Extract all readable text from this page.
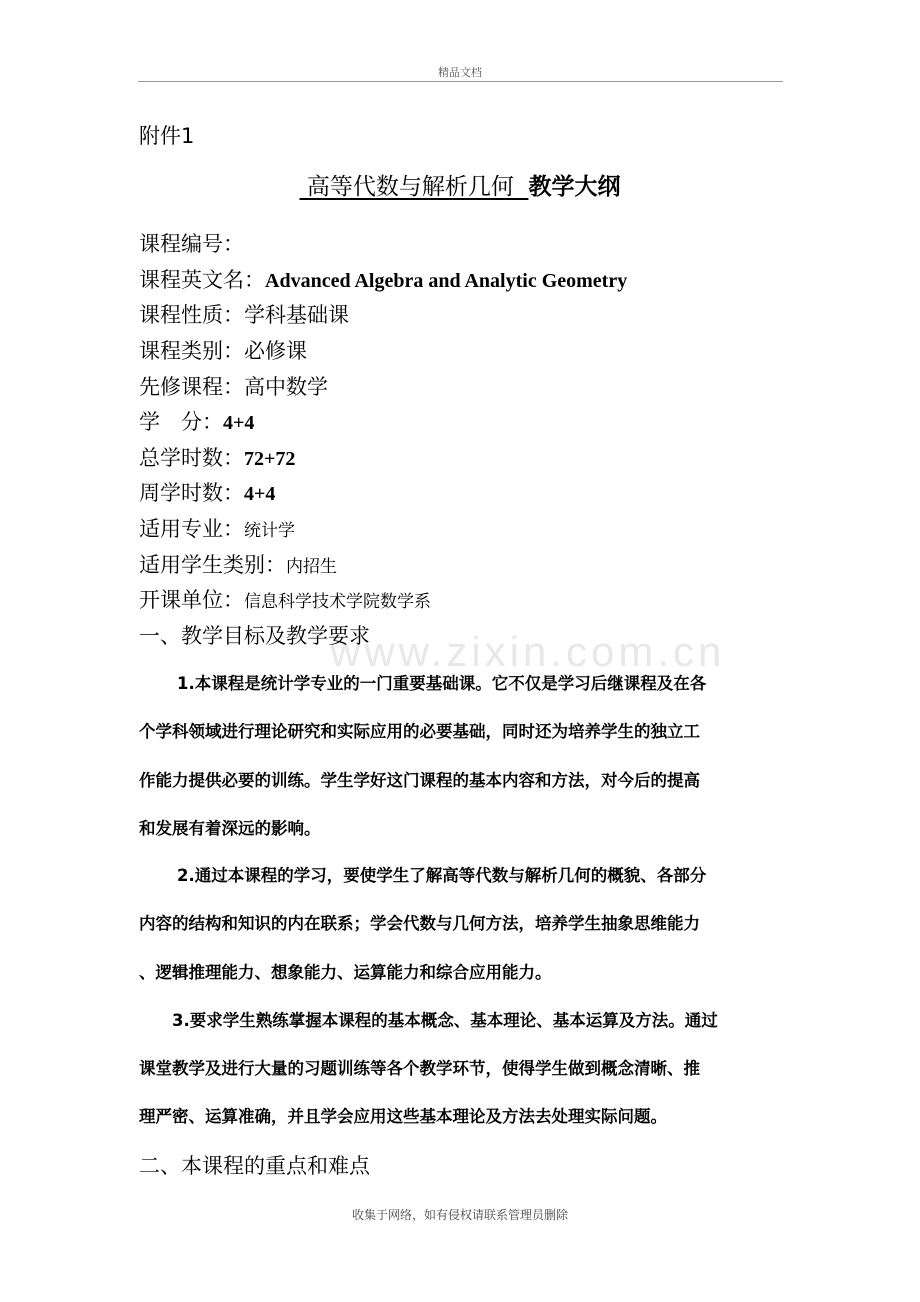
精品文档
www.zixin.com.cn
附件1
高等代数与解析几何  教学大纲
课程编号：
课程英文名：Advanced Algebra and Analytic Geometry
课程性质：学科基础课
课程类别：必修课
先修课程：高中数学
学　分：4+4
总学时数：72+72
周学时数：4+4
适用专业：统计学
适用学生类别：内招生
开课单位：信息科学技术学院数学系
一、教学目标及教学要求
1.本课程是统计学专业的一门重要基础课。它不仅是学习后继课程及在各
个学科领域进行理论研究和实际应用的必要基础，同时还为培养学生的独立工
作能力提供必要的训练。学生学好这门课程的基本内容和方法，对今后的提高
和发展有着深远的影响。
2.通过本课程的学习，要使学生了解高等代数与解析几何的概貌、各部分
内容的结构和知识的内在联系；学会代数与几何方法，培养学生抽象思维能力
、逻辑推理能力、想象能力、运算能力和综合应用能力。
3.要求学生熟练掌握本课程的基本概念、基本理论、基本运算及方法。通过
课堂教学及进行大量的习题训练等各个教学环节，使得学生做到概念清晰、推
理严密、运算准确，并且学会应用这些基本理论及方法去处理实际问题。
二、本课程的重点和难点
收集于网络，如有侵权请联系管理员删除
